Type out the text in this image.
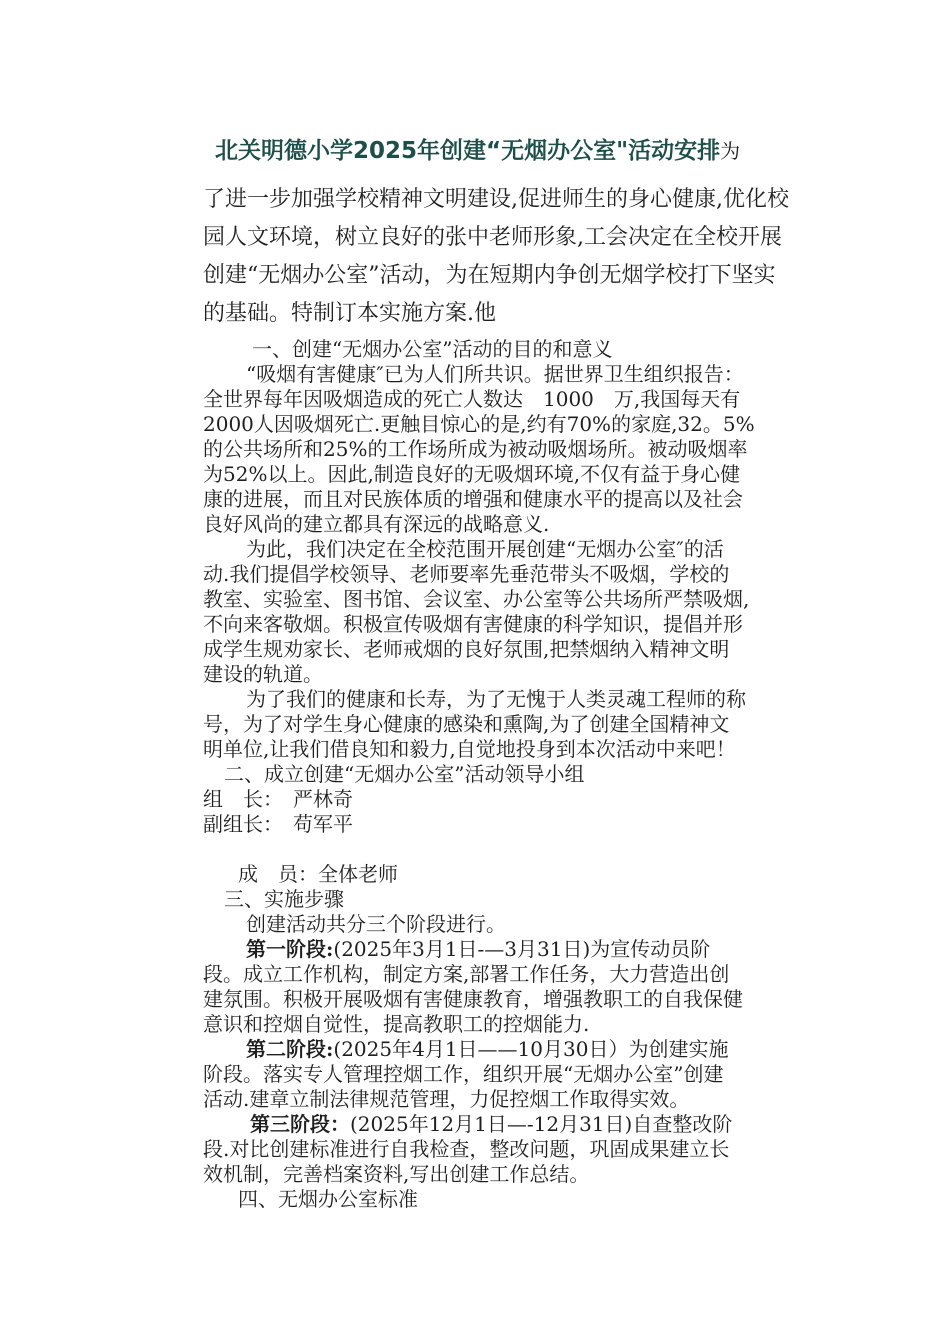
北关明德小学2025年创建“无烟办公室"活动安排为

了进一步加强学校精神文明建设,促进师生的身心健康,优化校

园人文环境，树立良好的张中老师形象,工会决定在全校开展

创建“无烟办公室”活动，为在短期内争创无烟学校打下坚实

的基础。特制订本实施方案.他

一、创建“无烟办公室”活动的目的和意义

“吸烟有害健康″已为人们所共识。据世界卫生组织报告：

全世界每年因吸烟造成的死亡人数达　1000　万,我国每天有

2000人因吸烟死亡.更触目惊心的是,约有70%的家庭,32。5%

的公共场所和25%的工作场所成为被动吸烟场所。被动吸烟率

为52%以上。因此,制造良好的无吸烟环境,不仅有益于身心健

康的进展，而且对民族体质的增强和健康水平的提高以及社会

良好风尚的建立都具有深远的战略意义.

为此，我们决定在全校范围开展创建“无烟办公室″的活

动.我们提倡学校领导、老师要率先垂范带头不吸烟，学校的

教室、实验室、图书馆、会议室、办公室等公共场所严禁吸烟,

不向来客敬烟。积极宣传吸烟有害健康的科学知识，提倡并形

成学生规劝家长、老师戒烟的良好氛围,把禁烟纳入精神文明

建设的轨道。

为了我们的健康和长寿，为了无愧于人类灵魂工程师的称

号，为了对学生身心健康的感染和熏陶,为了创建全国精神文

明单位,让我们借良知和毅力,自觉地投身到本次活动中来吧！

二、成立创建“无烟办公室”活动领导小组

组　长：　严林奇

副组长：　苟军平

成　员：全体老师

三、实施步骤

创建活动共分三个阶段进行。

第一阶段:(2025年3月1日-—3月31日)为宣传动员阶

段。成立工作机构，制定方案,部署工作任务，大力营造出创

建氛围。积极开展吸烟有害健康教育，增强教职工的自我保健

意识和控烟自觉性，提高教职工的控烟能力.

第二阶段:(2025年4月1日——10月30日）为创建实施

阶段。落实专人管理控烟工作，组织开展“无烟办公室”创建

活动.建章立制法律规范管理，力促控烟工作取得实效。

第三阶段：(2025年12月1日—-12月31日)自查整改阶

段.对比创建标准进行自我检查，整改问题，巩固成果建立长

效机制，完善档案资料,写出创建工作总结。

四、无烟办公室标准
